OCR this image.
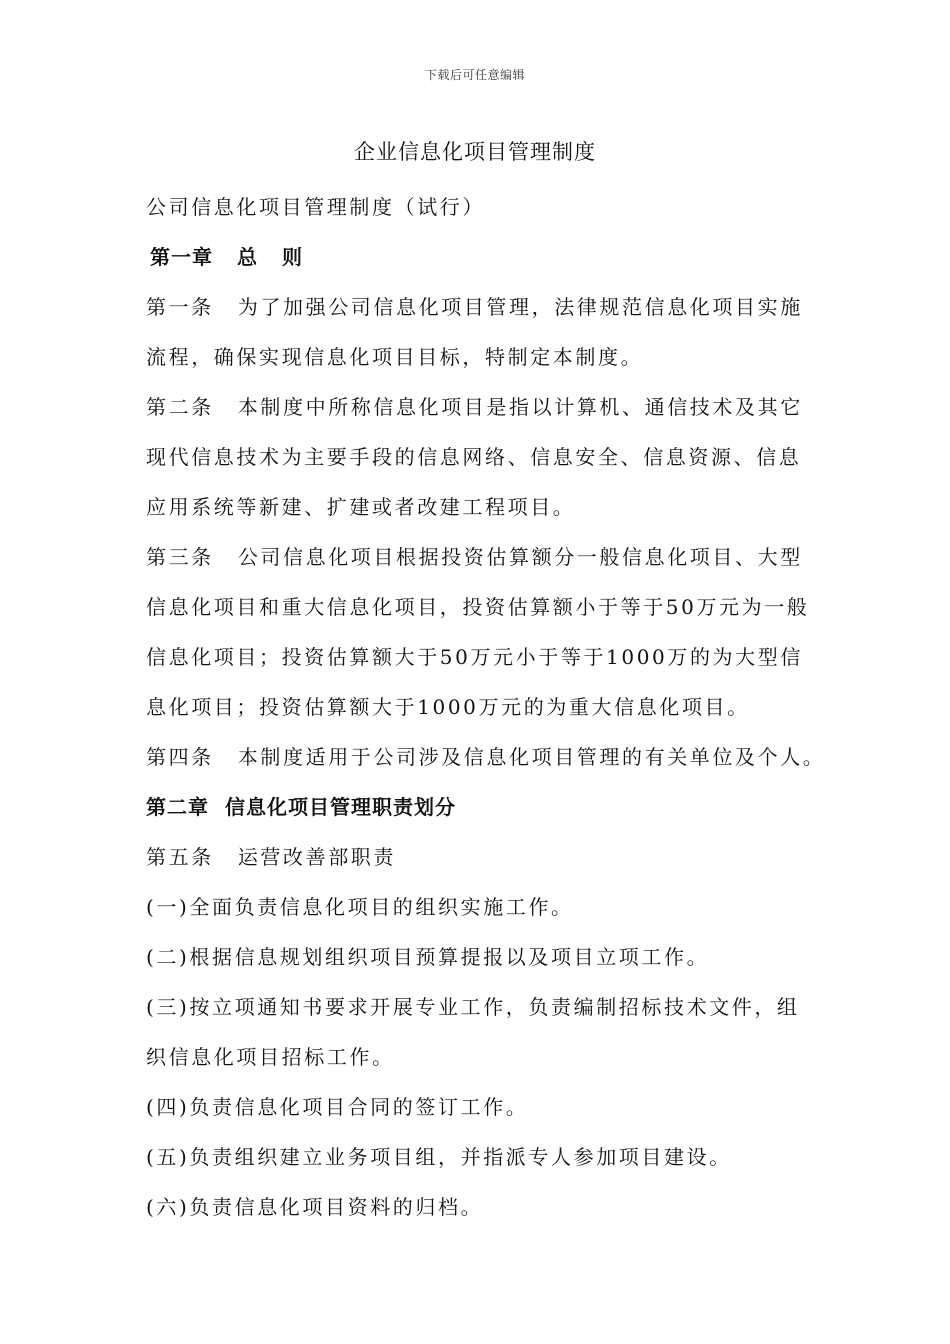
下载后可任意编辑
企业信息化项目管理制度
公司信息化项目管理制度（试行）
第一章 总 则
第一条 为了加强公司信息化项目管理，法律规范信息化项目实施
流程，确保实现信息化项目目标，特制定本制度。
第二条 本制度中所称信息化项目是指以计算机、通信技术及其它
现代信息技术为主要手段的信息网络、信息安全、信息资源、信息
应用系统等新建、扩建或者改建工程项目。
第三条 公司信息化项目根据投资估算额分一般信息化项目、大型
信息化项目和重大信息化项目，投资估算额小于等于50万元为一般
信息化项目；投资估算额大于50万元小于等于1000万的为大型信
息化项目；投资估算额大于1000万元的为重大信息化项目。
第四条 本制度适用于公司涉及信息化项目管理的有关单位及个人。
第二章 信息化项目管理职责划分
第五条 运营改善部职责
(一)全面负责信息化项目的组织实施工作。
(二)根据信息规划组织项目预算提报以及项目立项工作。
(三)按立项通知书要求开展专业工作，负责编制招标技术文件，组
织信息化项目招标工作。
(四)负责信息化项目合同的签订工作。
(五)负责组织建立业务项目组，并指派专人参加项目建设。
(六)负责信息化项目资料的归档。
